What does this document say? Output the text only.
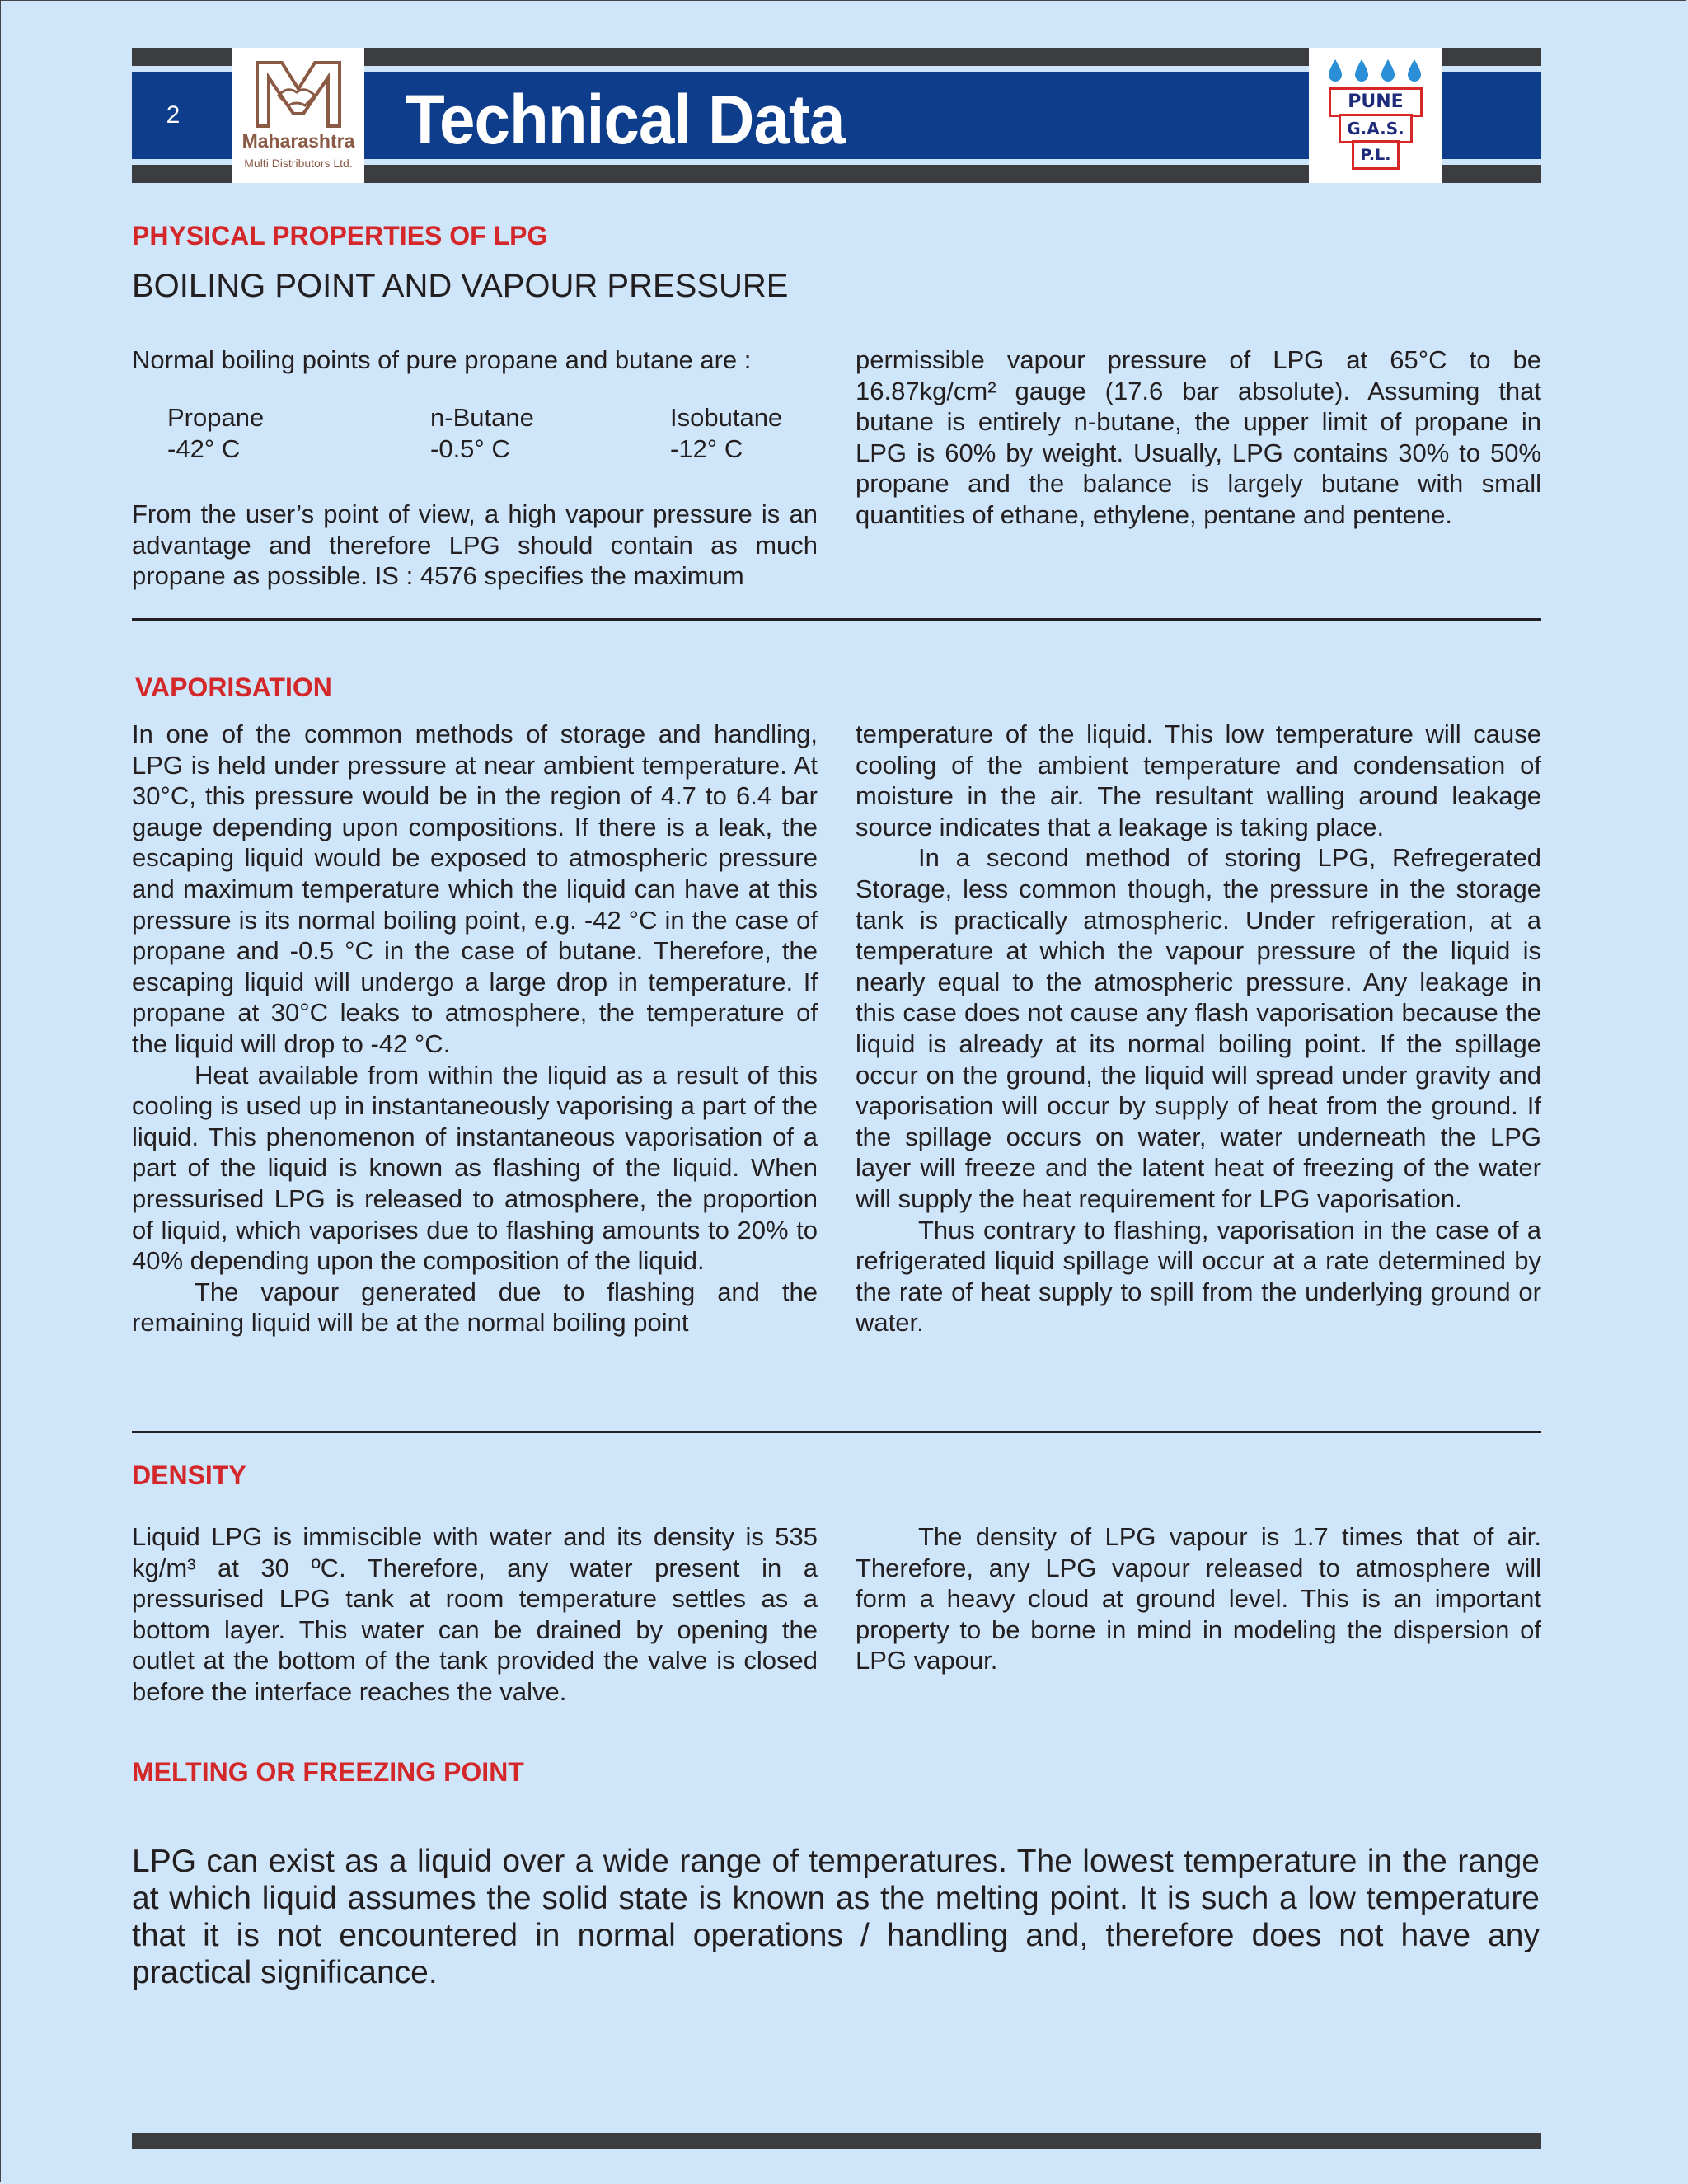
2
Maharashtra
Multi Distributors Ltd.
Technical Data	PUNE
G.A.S.
P.L.
PHYSICAL PROPERTIES OF LPG
BOILING POINT AND VAPOUR PRESSURE
Normal boiling points of pure propane and butane are :
Propane
-42° C
n-Butane
-0.5° C
Isobutane
-12° C
From the user’s point of view, a high vapour pressure is an advantage and therefore LPG should contain as much propane as possible. IS : 4576 specifies the maximum
permissible vapour pressure of LPG at 65°C to be 16.87kg/cm² gauge (17.6 bar absolute). Assuming that butane is entirely n-butane, the upper limit of propane in LPG is 60% by weight. Usually, LPG contains 30% to 50% propane and the balance is largely butane with small quantities of ethane, ethylene, pentane and pentene.
VAPORISATION

In one of the common methods of storage and handling, LPG is held under pressure at near ambient temperature. At 30°C, this pressure would be in the region of 4.7 to 6.4 bar gauge depending upon compositions. If there is a leak, the escaping liquid would be exposed to atmospheric pressure and maximum temperature which the liquid can have at this pressure is its normal boiling point, e.g. -42 °C in the case of propane and -0.5 °C in the case of butane. Therefore, the escaping liquid will undergo a large drop in temperature. If propane at 30°C leaks to atmosphere, the temperature of the liquid will drop to -42 °C.

Heat available from within the liquid as a result of this cooling is used up in instantaneously vaporising a part of the liquid. This phenomenon of instantaneous vaporisation of a part of the liquid is known as flashing of the liquid. When pressurised LPG is released to atmosphere, the proportion of liquid, which vaporises due to flashing amounts to 20% to 40% depending upon the composition of the liquid.

The vapour generated due to flashing and the remaining liquid will be at the normal boiling point

temperature of the liquid. This low temperature will cause cooling of the ambient temperature and condensation of moisture in the air. The resultant walling around leakage source indicates that a leakage is taking place.

In a second method of storing LPG, Refregerated Storage, less common though, the pressure in the storage tank is practically atmospheric. Under refrigeration, at a temperature at which the vapour pressure of the liquid is nearly equal to the atmospheric pressure. Any leakage in this case does not cause any flash vaporisation because the liquid is already at its normal boiling point. If the spillage occur on the ground, the liquid will spread under gravity and vaporisation will occur by supply of heat from the ground. If the spillage occurs on water, water underneath the LPG layer will freeze and the latent heat of freezing of the water will supply the heat requirement for LPG vaporisation.

Thus contrary to flashing, vaporisation in the case of a refrigerated liquid spillage will occur at a rate determined by the rate of heat supply to spill from the underlying ground or water.

DENSITY
Liquid LPG is immiscible with water and its density is 535 kg/m³ at 30 ºC. Therefore, any water present in a pressurised LPG tank at room temperature settles as a bottom layer. This water can be drained by opening the outlet at the bottom of the tank provided the valve is closed before the interface reaches the valve.
The density of LPG vapour is 1.7 times that of air. Therefore, any LPG vapour released to atmosphere will form a heavy cloud at ground level. This is an important property to be borne in mind in modeling the dispersion of LPG vapour.
MELTING OR FREEZING POINT
LPG can exist as a liquid over a wide range of temperatures. The lowest temperature in the range at which liquid assumes the solid state is known as the melting point. It is such a low temperature that it is not encountered in normal operations / handling and, therefore does not have any practical significance.
